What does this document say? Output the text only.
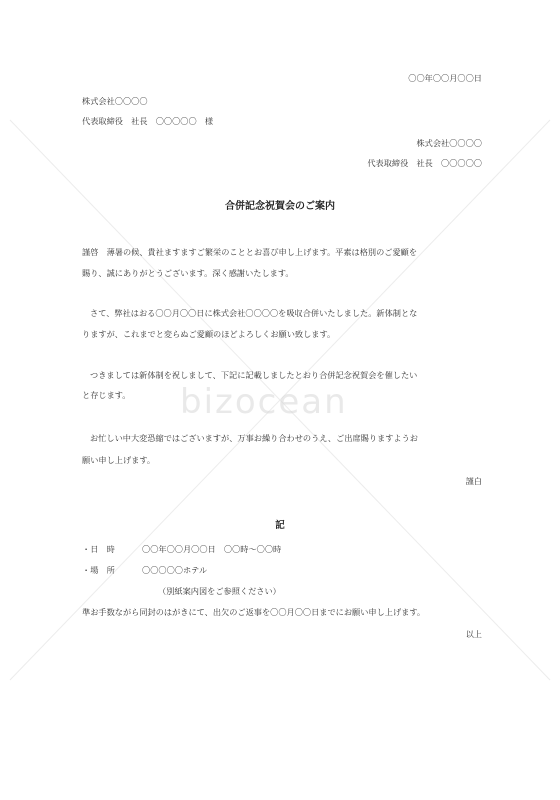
bizocean
〇〇年〇〇月〇〇日
株式会社〇〇〇〇
代表取締役　社長　〇〇〇〇〇　様
株式会社〇〇〇〇
代表取締役　社長　〇〇〇〇〇
合併記念祝賀会のご案内
謹啓　薄暑の候、貴社ますますご繁栄のこととお喜び申し上げます。平素は格別のご愛顧を
賜り、誠にありがとうございます。深く感謝いたします。
さて、弊社はおる〇〇月〇〇日に株式会社〇〇〇〇を吸収合併いたしました。新体制とな
りますが、これまでと変らぬご愛顧のほどよろしくお願い致します。
つきましては新体制を祝しまして、下記に記載しましたとおり合併記念祝賀会を催したい
と存じます。
お忙しい中大変恐縮ではございますが、万事お繰り合わせのうえ、ご出席賜りますようお
願い申し上げます。
謹白
記
・日　時	〇〇年〇〇月〇〇日　〇〇時～〇〇時
・場　所	〇〇〇〇〇ホテル
（別紙案内図をご参照ください）
準お手数ながら同封のはがきにて、出欠のご返事を〇〇月〇〇日までにお願い申し上げます。
以上
